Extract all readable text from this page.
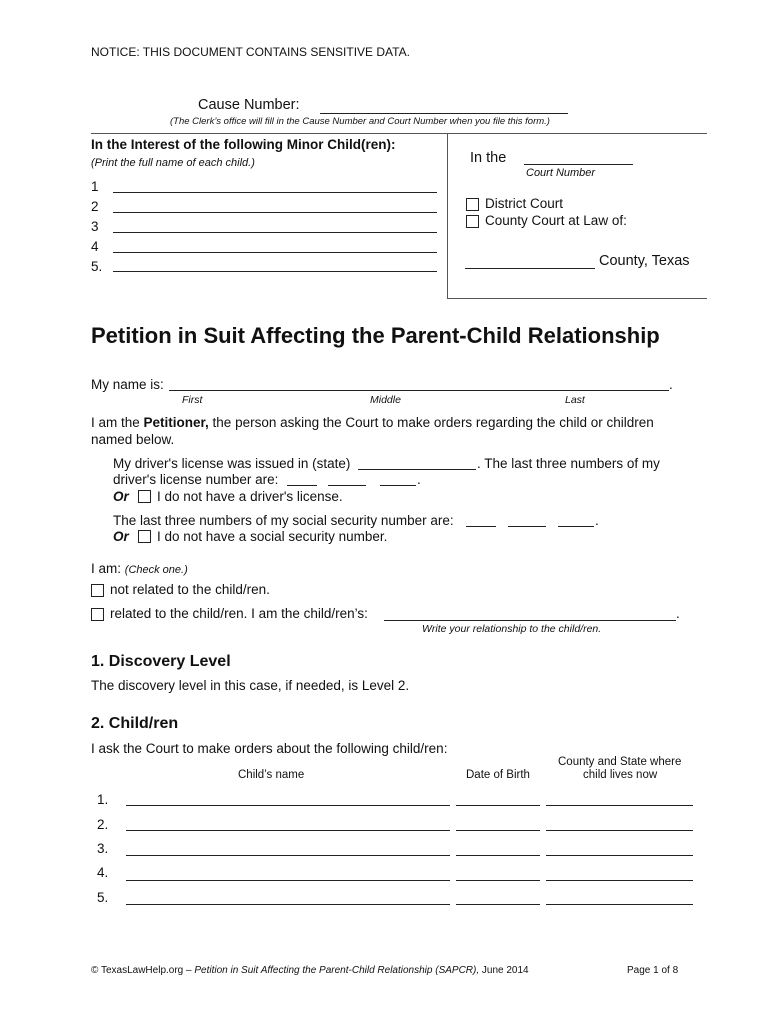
NOTICE: THIS DOCUMENT CONTAINS SENSITIVE DATA.
Cause Number:
(The Clerk’s office will fill in the Cause Number and Court Number when you file this form.)
In the Interest of the following Minor Child(ren):
(Print the full name of each child.)
1
2
3
4
5.
In the
Court Number
District Court
County Court at Law of:
County, Texas
Petition in Suit Affecting the Parent-Child Relationship
My name is:	.
First	Middle	Last
I am the Petitioner, the person asking the Court to make orders regarding the child or children
named below.
My driver's license was issued in (state)	. The last three numbers of my
driver's license number are:	.
Or I do not have a driver's license.
The last three numbers of my social security number are:	.
Or I do not have a social security number.
I am: (Check one.)
not related to the child/ren.
related to the child/ren. I am the child/ren’s:	.
Write your relationship to the child/ren.
1. Discovery Level
The discovery level in this case, if needed, is Level 2.
2. Child/ren
I ask the Court to make orders about the following child/ren:
Child’s name	Date of Birth
County and State where
child lives now
1.
2.
3.
4.
5.
© TexasLawHelp.org – Petition in Suit Affecting the Parent-Child Relationship (SAPCR), June 2014	Page 1 of 8
